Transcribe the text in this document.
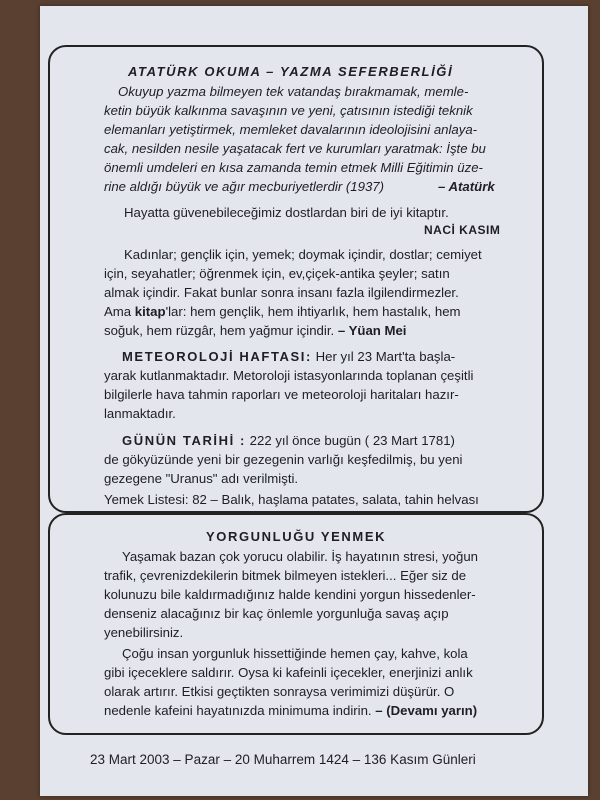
ATATÜRK OKUMA – YAZMA SEFERBERLİĞİ
Okuyup yazma bilmeyen tek vatandaş bırakmamak, memle-
ketin büyük kalkınma savaşının ve yeni, çatısının istediği teknik
elemanları yetiştirmek, memleket davalarının ideolojisini anlaya-
cak, nesilden nesile yaşatacak fert ve kurumları yaratmak: İşte bu
önemli umdeleri en kısa zamanda temin etmek Milli Eğitimin üze-
rine aldığı büyük ve ağır mecburiyetlerdir (1937)	– Atatürk
Hayatta güvenebileceğimiz dostlardan biri de iyi kitaptır.
NACİ KASIM
Kadınlar; gençlik için, yemek; doymak içindir, dostlar; cemiyet
için, seyahatler; öğrenmek için, ev,çiçek-antika şeyler; satın
almak içindir. Fakat bunlar sonra insanı fazla ilgilendirmezler.
Ama kitap'lar: hem gençlik, hem ihtiyarlık, hem hastalık, hem
soğuk, hem rüzgâr, hem yağmur içindir. – Yüan Mei
METEOROLOJİ HAFTASI: Her yıl 23 Mart'ta başla-
yarak kutlanmaktadır. Metoroloji istasyonlarında toplanan çeşitli
bilgilerle hava tahmin raporları ve meteoroloji haritaları hazır-
lanmaktadır.
GÜNÜN TARİHİ : 222 yıl önce bugün ( 23 Mart 1781)
de gökyüzünde yeni bir gezegenin varlığı keşfedilmiş, bu yeni
gezegene "Uranus" adı verilmişti.
Yemek Listesi: 82 – Balık, haşlama patates, salata, tahin helvası
YORGUNLUĞU YENMEK
Yaşamak bazan çok yorucu olabilir. İş hayatının stresi, yoğun
trafik, çevrenizdekilerin bitmek bilmeyen istekleri... Eğer siz de
kolunuzu bile kaldırmadığınız halde kendini yorgun hissedenler-
denseniz alacağınız bir kaç önlemle yorgunluğa savaş açıp
yenebilirsiniz.
Çoğu insan yorgunluk hissettiğinde hemen çay, kahve, kola
gibi içeceklere saldırır. Oysa ki kafeinli içecekler, enerjinizi anlık
olarak artırır. Etkisi geçtikten sonraysa verimimizi düşürür. O
nedenle kafeini hayatınızda minimuma indirin. – (Devamı yarın)
23 Mart 2003 – Pazar – 20 Muharrem 1424 – 136 Kasım Günleri
